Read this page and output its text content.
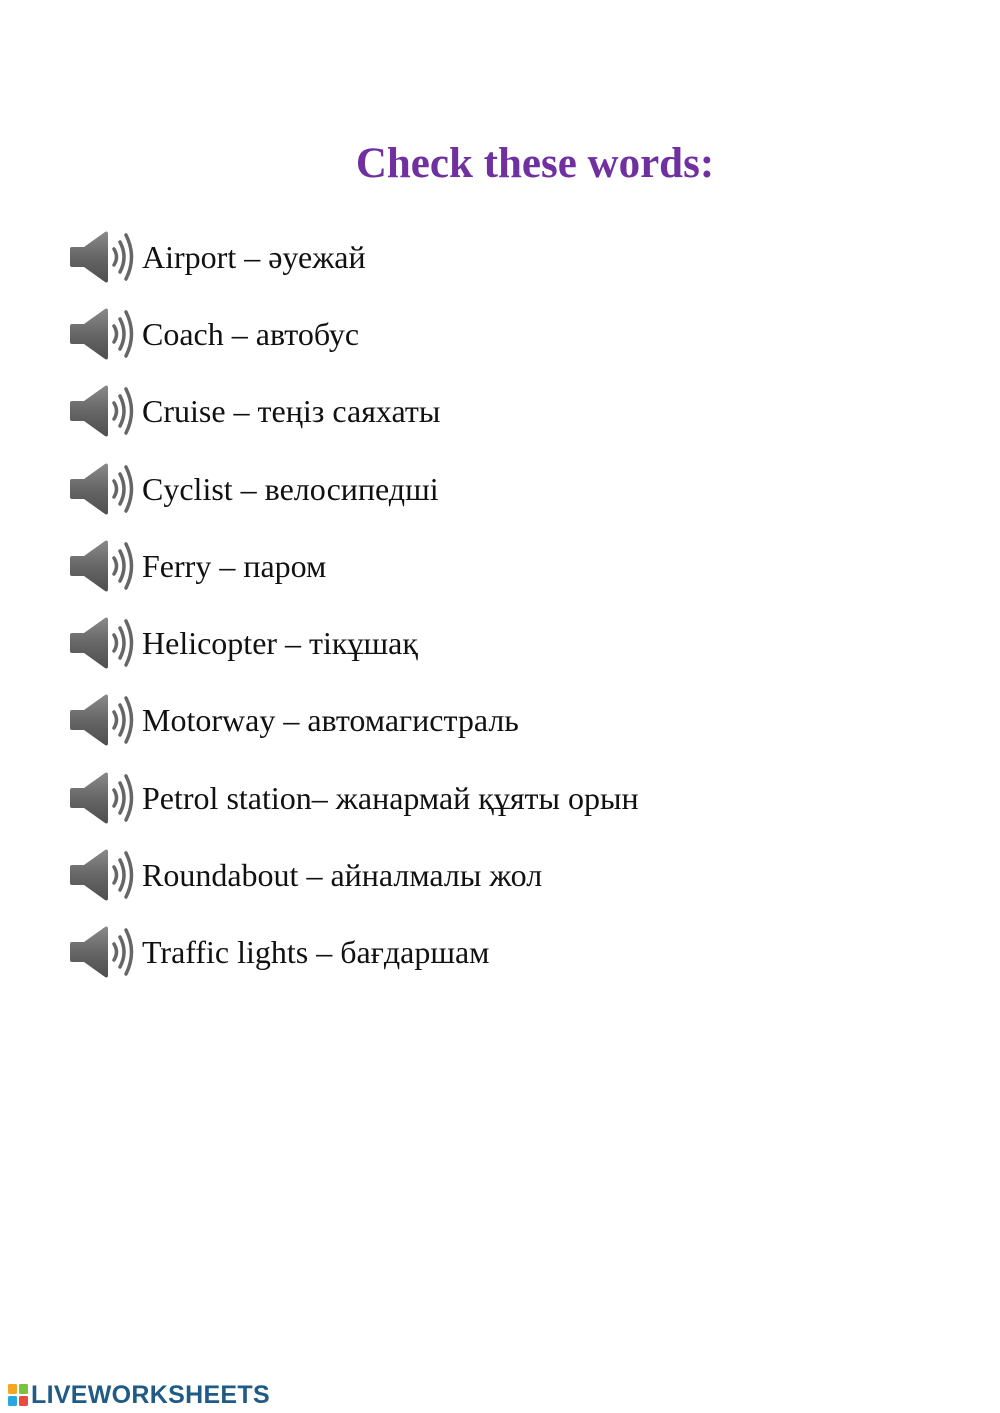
Check these words:
Airport – әуежай
Coach – автобус
Cruise – теңіз саяхаты
Cyclist – велосипедші
Ferry – паром
Helicopter – тікұшақ
Motorway – автомагистраль
Petrol station– жанармай құяты орын
Roundabout – айналмалы жол
Traffic lights – бағдаршам
LIVEWORKSHEETS
